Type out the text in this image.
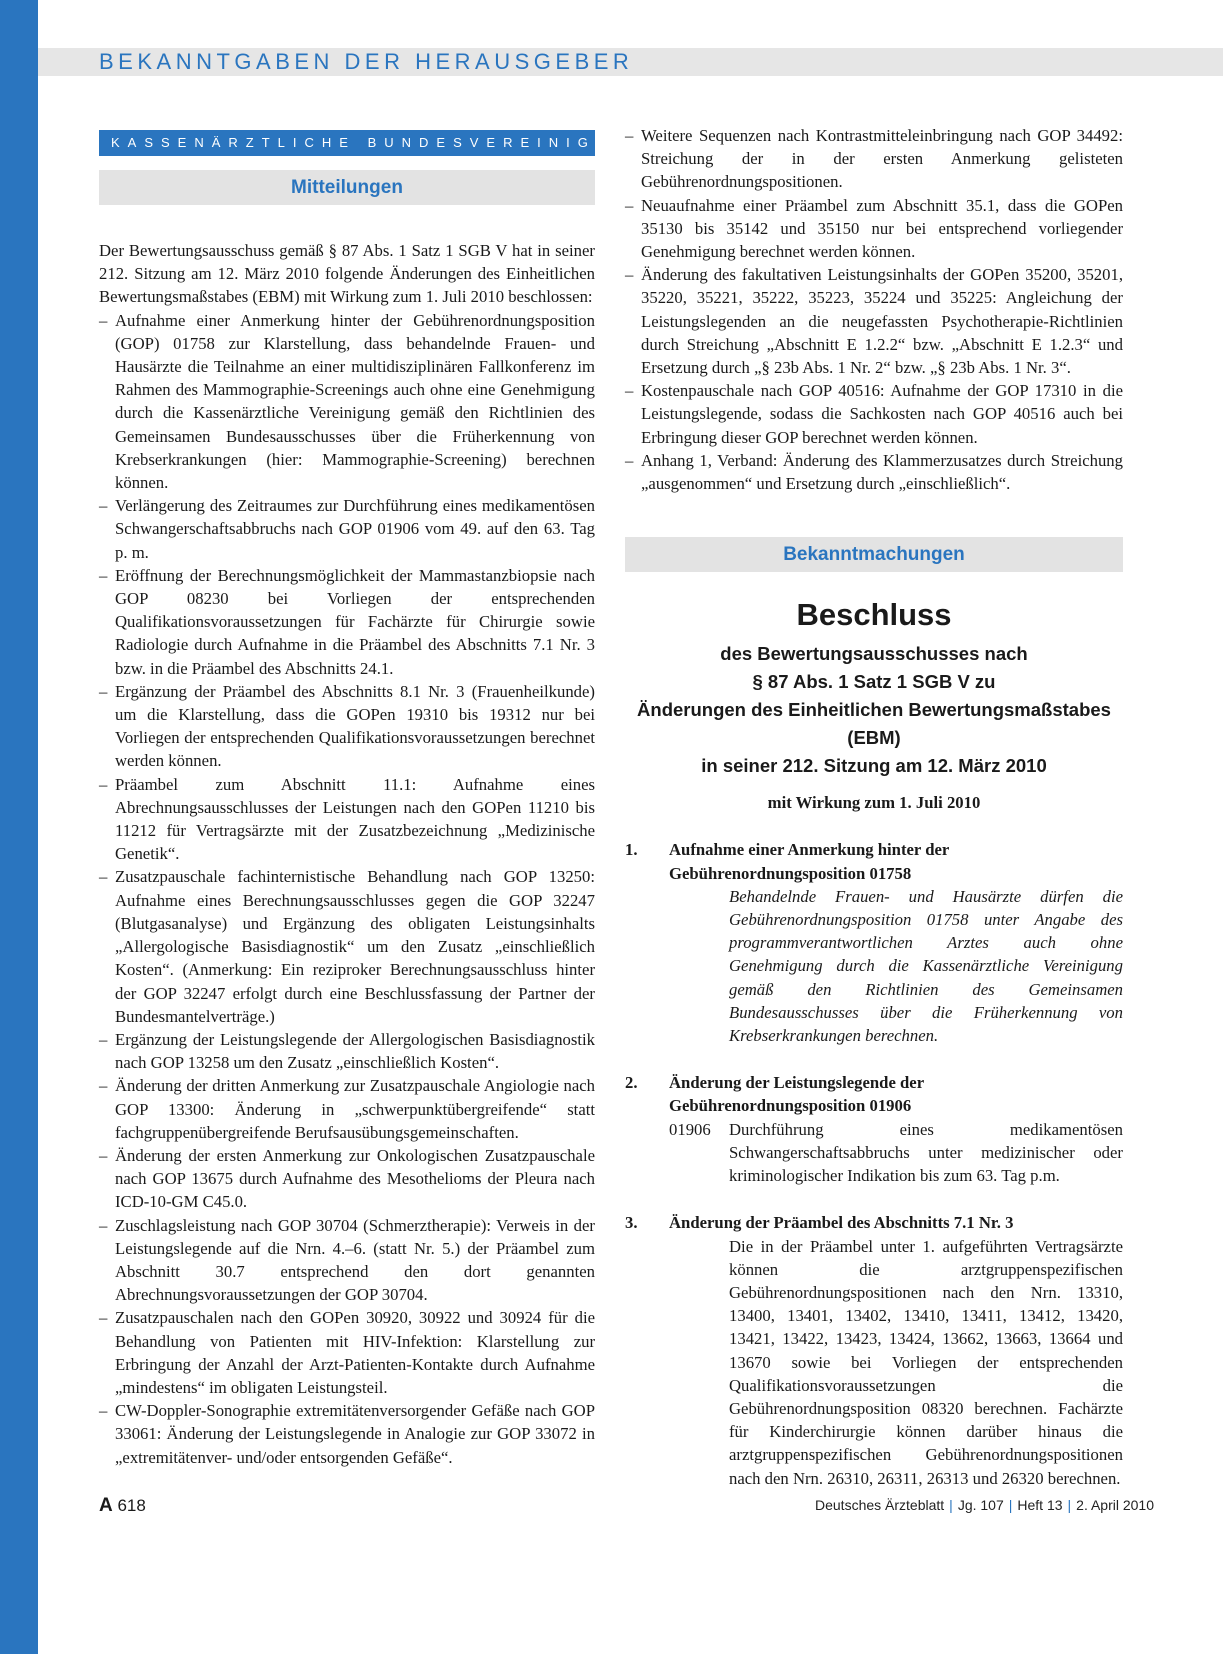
BEKANNTGABEN DER HERAUSGEBER
KASSENÄRZTLICHE BUNDESVEREINIGUNG
Mitteilungen
Der Bewertungsausschuss gemäß § 87 Abs. 1 Satz 1 SGB V hat in seiner 212. Sitzung am 12. März 2010 folgende Änderungen des Einheitlichen Bewertungsmaßstabes (EBM) mit Wirkung zum 1. Juli 2010 beschlossen:
– Aufnahme einer Anmerkung hinter der Gebührenordnungsposition (GOP) 01758 zur Klarstellung, dass behandelnde Frauen- und Hausärzte die Teilnahme an einer multidisziplinären Fallkonferenz im Rahmen des Mammographie-Screenings auch ohne eine Genehmigung durch die Kassenärztliche Vereinigung gemäß den Richtlinien des Gemeinsamen Bundesausschusses über die Früherkennung von Krebserkrankungen (hier: Mammographie-Screening) berechnen können.
– Verlängerung des Zeitraumes zur Durchführung eines medikamentösen Schwangerschaftsabbruchs nach GOP 01906 vom 49. auf den 63. Tag p. m.
– Eröffnung der Berechnungsmöglichkeit der Mammastanzbiopsie nach GOP 08230 bei Vorliegen der entsprechenden Qualifikationsvoraussetzungen für Fachärzte für Chirurgie sowie Radiologie durch Aufnahme in die Präambel des Abschnitts 7.1 Nr. 3 bzw. in die Präambel des Abschnitts 24.1.
– Ergänzung der Präambel des Abschnitts 8.1 Nr. 3 (Frauenheilkunde) um die Klarstellung, dass die GOPen 19310 bis 19312 nur bei Vorliegen der entsprechenden Qualifikationsvoraussetzungen berechnet werden können.
– Präambel zum Abschnitt 11.1: Aufnahme eines Abrechnungsausschlusses der Leistungen nach den GOPen 11210 bis 11212 für Vertragsärzte mit der Zusatzbezeichnung „Medizinische Genetik“.
– Zusatzpauschale fachinternistische Behandlung nach GOP 13250: Aufnahme eines Berechnungsausschlusses gegen die GOP 32247 (Blutgasanalyse) und Ergänzung des obligaten Leistungsinhalts „Allergologische Basisdiagnostik“ um den Zusatz „einschließlich Kosten“. (Anmerkung: Ein reziproker Berechnungsausschluss hinter der GOP 32247 erfolgt durch eine Beschlussfassung der Partner der Bundesmantelverträge.)
– Ergänzung der Leistungslegende der Allergologischen Basisdiagnostik nach GOP 13258 um den Zusatz „einschließlich Kosten“.
– Änderung der dritten Anmerkung zur Zusatzpauschale Angiologie nach GOP 13300: Änderung in „schwerpunktübergreifende“ statt fachgruppenübergreifende Berufsausübungsgemeinschaften.
– Änderung der ersten Anmerkung zur Onkologischen Zusatzpauschale nach GOP 13675 durch Aufnahme des Mesothelioms der Pleura nach ICD-10-GM C45.0.
– Zuschlagsleistung nach GOP 30704 (Schmerztherapie): Verweis in der Leistungslegende auf die Nrn. 4.–6. (statt Nr. 5.) der Präambel zum Abschnitt 30.7 entsprechend den dort genannten Abrechnungsvoraussetzungen der GOP 30704.
– Zusatzpauschalen nach den GOPen 30920, 30922 und 30924 für die Behandlung von Patienten mit HIV-Infektion: Klarstellung zur Erbringung der Anzahl der Arzt-Patienten-Kontakte durch Aufnahme „mindestens“ im obligaten Leistungsteil.
– CW-Doppler-Sonographie extremitätenversorgender Gefäße nach GOP 33061: Änderung der Leistungslegende in Analogie zur GOP 33072 in „extremitätenver- und/oder entsorgenden Gefäße“.
– Weitere Sequenzen nach Kontrastmitteleinbringung nach GOP 34492: Streichung der in der ersten Anmerkung gelisteten Gebührenordnungspositionen.
– Neuaufnahme einer Präambel zum Abschnitt 35.1, dass die GOPen 35130 bis 35142 und 35150 nur bei entsprechend vorliegender Genehmigung berechnet werden können.
– Änderung des fakultativen Leistungsinhalts der GOPen 35200, 35201, 35220, 35221, 35222, 35223, 35224 und 35225: Angleichung der Leistungslegenden an die neugefassten Psychotherapie-Richtlinien durch Streichung „Abschnitt E 1.2.2“ bzw. „Abschnitt E 1.2.3“ und Ersetzung durch „§ 23b Abs. 1 Nr. 2“ bzw. „§ 23b Abs. 1 Nr. 3“.
– Kostenpauschale nach GOP 40516: Aufnahme der GOP 17310 in die Leistungslegende, sodass die Sachkosten nach GOP 40516 auch bei Erbringung dieser GOP berechnet werden können.
– Anhang 1, Verband: Änderung des Klammerzusatzes durch Streichung „ausgenommen“ und Ersetzung durch „einschließlich“.
Bekanntmachungen
Beschluss
des Bewertungsausschusses nach
§ 87 Abs. 1 Satz 1 SGB V zu
Änderungen des Einheitlichen Bewertungsmaßstabes (EBM)
in seiner 212. Sitzung am 12. März 2010
mit Wirkung zum 1. Juli 2010
1. Aufnahme einer Anmerkung hinter der Gebührenordnungsposition 01758
Behandelnde Frauen- und Hausärzte dürfen die Gebührenordnungsposition 01758 unter Angabe des programmverantwortlichen Arztes auch ohne Genehmigung durch die Kassenärztliche Vereinigung gemäß den Richtlinien des Gemeinsamen Bundesausschusses über die Früherkennung von Krebserkrankungen berechnen.
2. Änderung der Leistungslegende der Gebührenordnungsposition 01906
01906 Durchführung eines medikamentösen Schwangerschaftsabbruchs unter medizinischer oder kriminologischer Indikation bis zum 63. Tag p.m.
3. Änderung der Präambel des Abschnitts 7.1 Nr. 3
Die in der Präambel unter 1. aufgeführten Vertragsärzte können die arztgruppenspezifischen Gebührenordnungspositionen nach den Nrn. 13310, 13400, 13401, 13402, 13410, 13411, 13412, 13420, 13421, 13422, 13423, 13424, 13662, 13663, 13664 und 13670 sowie bei Vorliegen der entsprechenden Qualifikationsvoraussetzungen die Gebührenordnungsposition 08320 berechnen. Fachärzte für Kinderchirurgie können darüber hinaus die arztgruppenspezifischen Gebührenordnungspositionen nach den Nrn. 26310, 26311, 26313 und 26320 berechnen.
A 618	Deutsches Ärzteblatt | Jg. 107 | Heft 13 | 2. April 2010
